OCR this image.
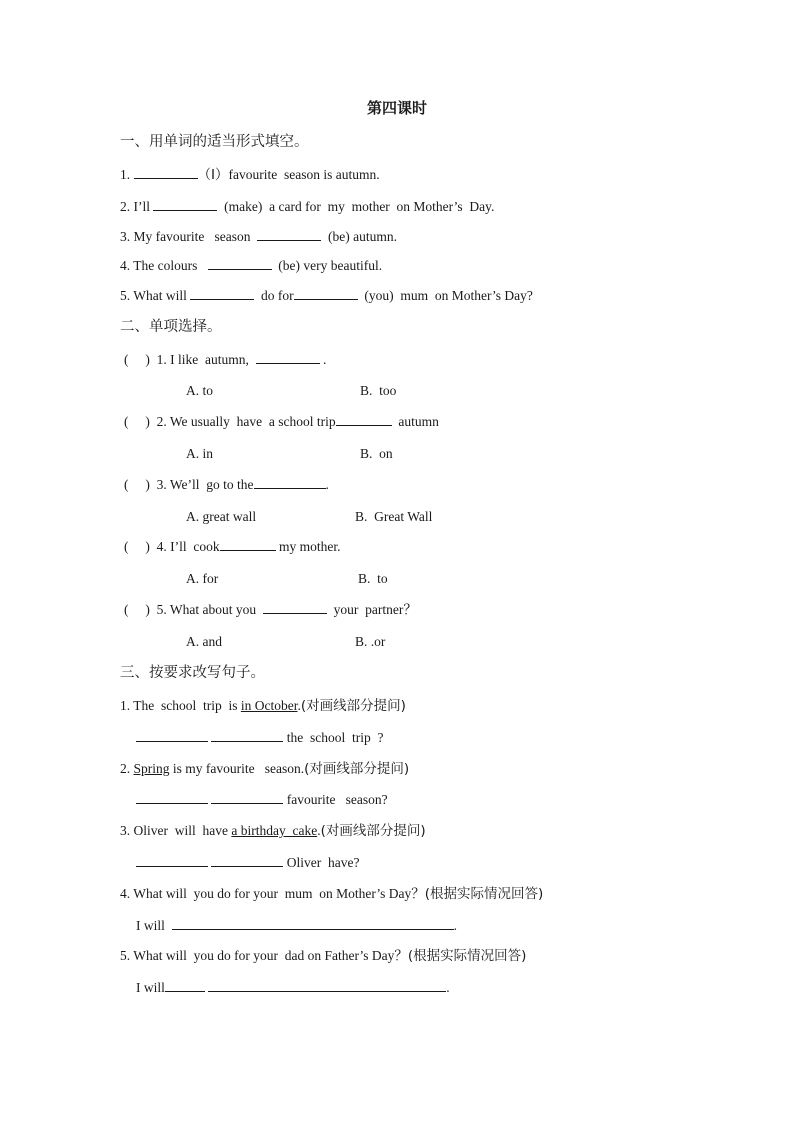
第四课时
一、用单词的适当形式填空。
1.	（I）favourite  season is autumn.
2. I’ll	(make)  a card for  my  mother  on Mother’s  Day.
3. My favourite   season	(be) autumn.
4. The colours	(be) very beautiful.
5. What will	do for	(you)  mum  on Mother’s Day?
二、单项选择。
(     )  1. I like  autumn,	.
A. to	B.  too
(     )  2. We usually  have  a school trip	autumn
A. in	B.  on
(     )  3. We’ll  go to the	.
A. great wall	B.  Great Wall
(     )  4. I’ll  cook	my mother.
A. for	B.  to
(     )  5. What about you	your  partner？
A. and	B. .or
三、按要求改写句子。
1. The  school  trip  is in October.(对画线部分提问)
the  school  trip  ?
2. Spring is my favourite   season.(对画线部分提问)
favourite   season?
3. Oliver  will  have a birthday  cake.(对画线部分提问)
Oliver  have?
4. What will  you do for your  mum  on Mother’s Day？(根据实际情况回答)
I will	.
5. What will  you do for your  dad on Father’s Day？(根据实际情况回答)
I will	.
